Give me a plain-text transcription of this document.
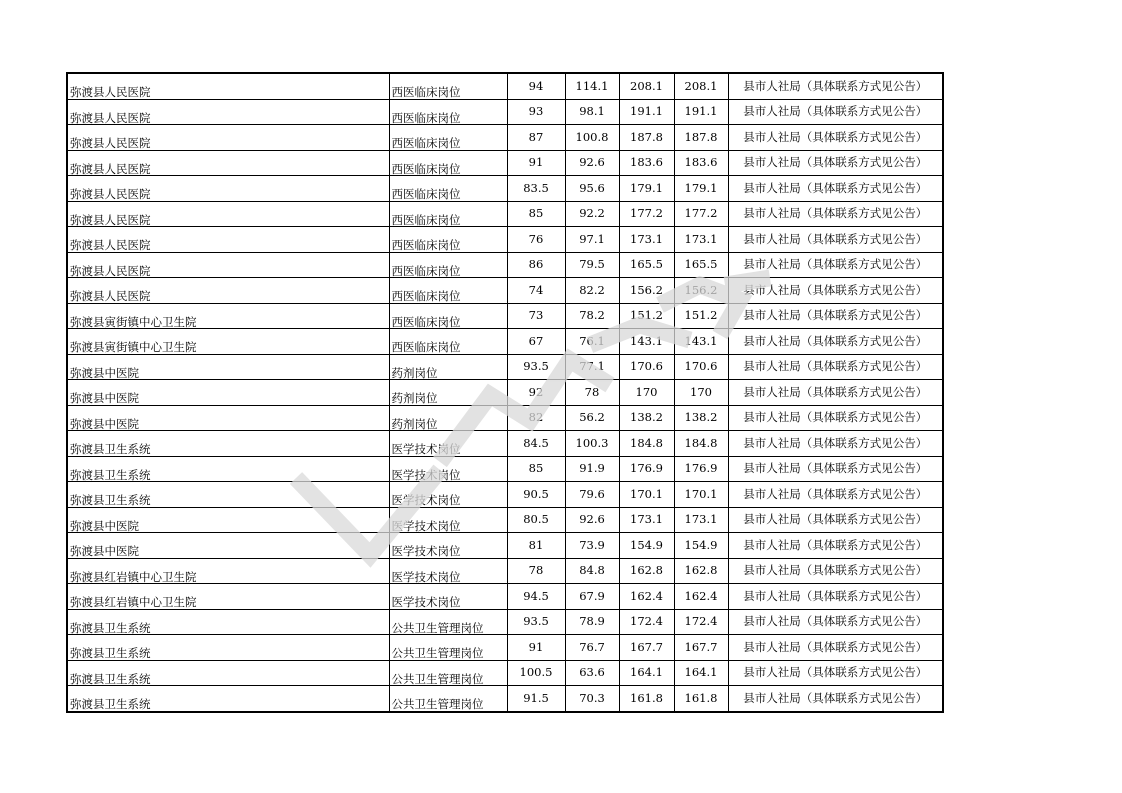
弥渡县人民医院	西医临床岗位	94	114.1	208.1	208.1	县市人社局（具体联系方式见公告）
弥渡县人民医院	西医临床岗位	93	98.1	191.1	191.1	县市人社局（具体联系方式见公告）
弥渡县人民医院	西医临床岗位	87	100.8	187.8	187.8	县市人社局（具体联系方式见公告）
弥渡县人民医院	西医临床岗位	91	92.6	183.6	183.6	县市人社局（具体联系方式见公告）
弥渡县人民医院	西医临床岗位	83.5	95.6	179.1	179.1	县市人社局（具体联系方式见公告）
弥渡县人民医院	西医临床岗位	85	92.2	177.2	177.2	县市人社局（具体联系方式见公告）
弥渡县人民医院	西医临床岗位	76	97.1	173.1	173.1	县市人社局（具体联系方式见公告）
弥渡县人民医院	西医临床岗位	86	79.5	165.5	165.5	县市人社局（具体联系方式见公告）
弥渡县人民医院	西医临床岗位	74	82.2	156.2	156.2	县市人社局（具体联系方式见公告）
弥渡县寅街镇中心卫生院	西医临床岗位	73	78.2	151.2	151.2	县市人社局（具体联系方式见公告）
弥渡县寅街镇中心卫生院	西医临床岗位	67	76.1	143.1	143.1	县市人社局（具体联系方式见公告）
弥渡县中医院	药剂岗位	93.5	77.1	170.6	170.6	县市人社局（具体联系方式见公告）
弥渡县中医院	药剂岗位	92	78	170	170	县市人社局（具体联系方式见公告）
弥渡县中医院	药剂岗位	82	56.2	138.2	138.2	县市人社局（具体联系方式见公告）
弥渡县卫生系统	医学技术岗位	84.5	100.3	184.8	184.8	县市人社局（具体联系方式见公告）
弥渡县卫生系统	医学技术岗位	85	91.9	176.9	176.9	县市人社局（具体联系方式见公告）
弥渡县卫生系统	医学技术岗位	90.5	79.6	170.1	170.1	县市人社局（具体联系方式见公告）
弥渡县中医院	医学技术岗位	80.5	92.6	173.1	173.1	县市人社局（具体联系方式见公告）
弥渡县中医院	医学技术岗位	81	73.9	154.9	154.9	县市人社局（具体联系方式见公告）
弥渡县红岩镇中心卫生院	医学技术岗位	78	84.8	162.8	162.8	县市人社局（具体联系方式见公告）
弥渡县红岩镇中心卫生院	医学技术岗位	94.5	67.9	162.4	162.4	县市人社局（具体联系方式见公告）
弥渡县卫生系统	公共卫生管理岗位	93.5	78.9	172.4	172.4	县市人社局（具体联系方式见公告）
弥渡县卫生系统	公共卫生管理岗位	91	76.7	167.7	167.7	县市人社局（具体联系方式见公告）
弥渡县卫生系统	公共卫生管理岗位	100.5	63.6	164.1	164.1	县市人社局（具体联系方式见公告）
弥渡县卫生系统	公共卫生管理岗位	91.5	70.3	161.8	161.8	县市人社局（具体联系方式见公告）
